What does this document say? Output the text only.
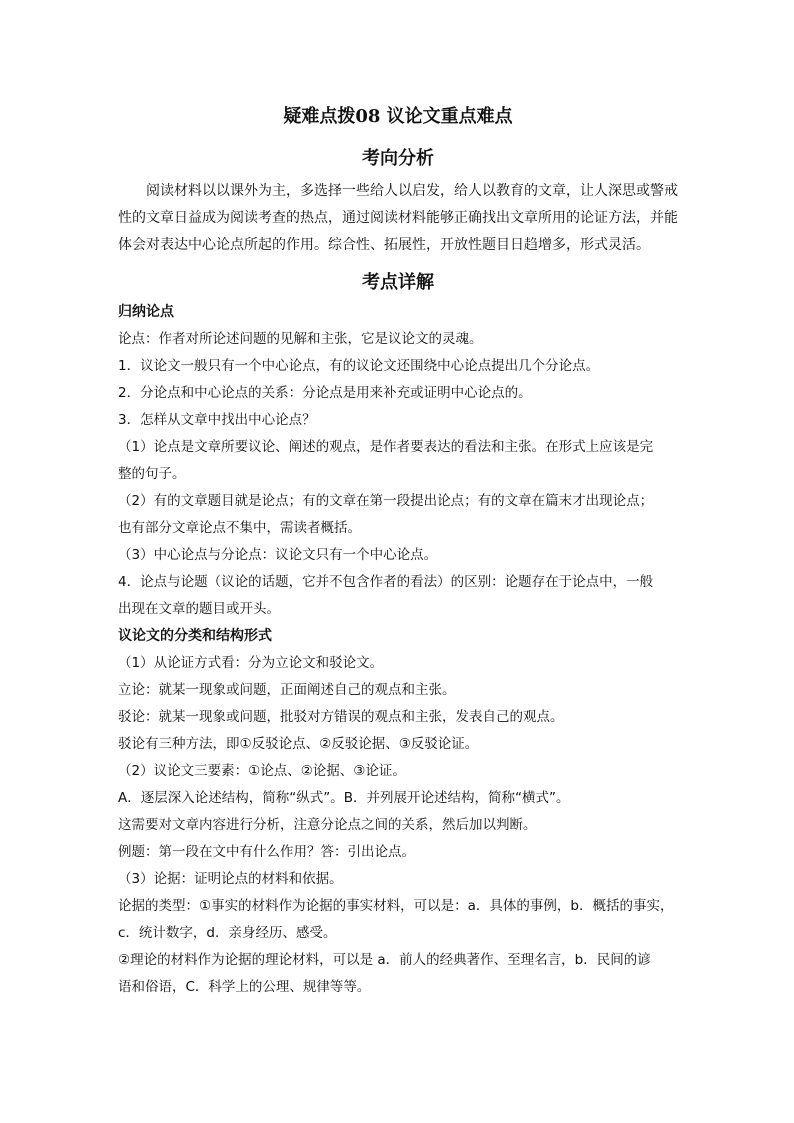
疑难点拨08 议论文重点难点
考向分析

阅读材料以以课外为主，多选择一些给人以启发，给人以教育的文章，让人深思或警戒性的文章日益成为阅读考查的热点，通过阅读材料能够正确找出文章所用的论证方法，并能体会对表达中心论点所起的作用。综合性、拓展性，开放性题目日趋增多，形式灵活。

考点详解

归纳论点

论点：作者对所论述问题的见解和主张，它是议论文的灵魂。

1．议论文一般只有一个中心论点，有的议论文还围绕中心论点提出几个分论点。

2．分论点和中心论点的关系：分论点是用来补充或证明中心论点的。

3．怎样从文章中找出中心论点？

（1）论点是文章所要议论、阐述的观点，是作者要表达的看法和主张。在形式上应该是完

整的句子。

（2）有的文章题目就是论点；有的文章在第一段提出论点；有的文章在篇末才出现论点；

也有部分文章论点不集中，需读者概括。

（3）中心论点与分论点：议论文只有一个中心论点。

4．论点与论题（议论的话题，它并不包含作者的看法）的区别：论题存在于论点中，一般

出现在文章的题目或开头。

议论文的分类和结构形式

（1）从论证方式看：分为立论文和驳论文。

立论：就某一现象或问题，正面阐述自己的观点和主张。

驳论：就某一现象或问题，批驳对方错误的观点和主张，发表自己的观点。

驳论有三种方法，即①反驳论点、②反驳论据、③反驳论证。

（2）议论文三要素：①论点、②论据、③论证。

A．逐层深入论述结构，简称“纵式”。B．并列展开论述结构，简称“横式”。

这需要对文章内容进行分析，注意分论点之间的关系，然后加以判断。

例题：第一段在文中有什么作用？答：引出论点。

（3）论据：证明论点的材料和依据。

论据的类型：①事实的材料作为论据的事实材料，可以是：a．具体的事例，b．概括的事实，

c．统计数字，d．亲身经历、感受。

②理论的材料作为论据的理论材料，可以是 a．前人的经典著作、至理名言，b．民间的谚

语和俗语，C．科学上的公理、规律等等。
